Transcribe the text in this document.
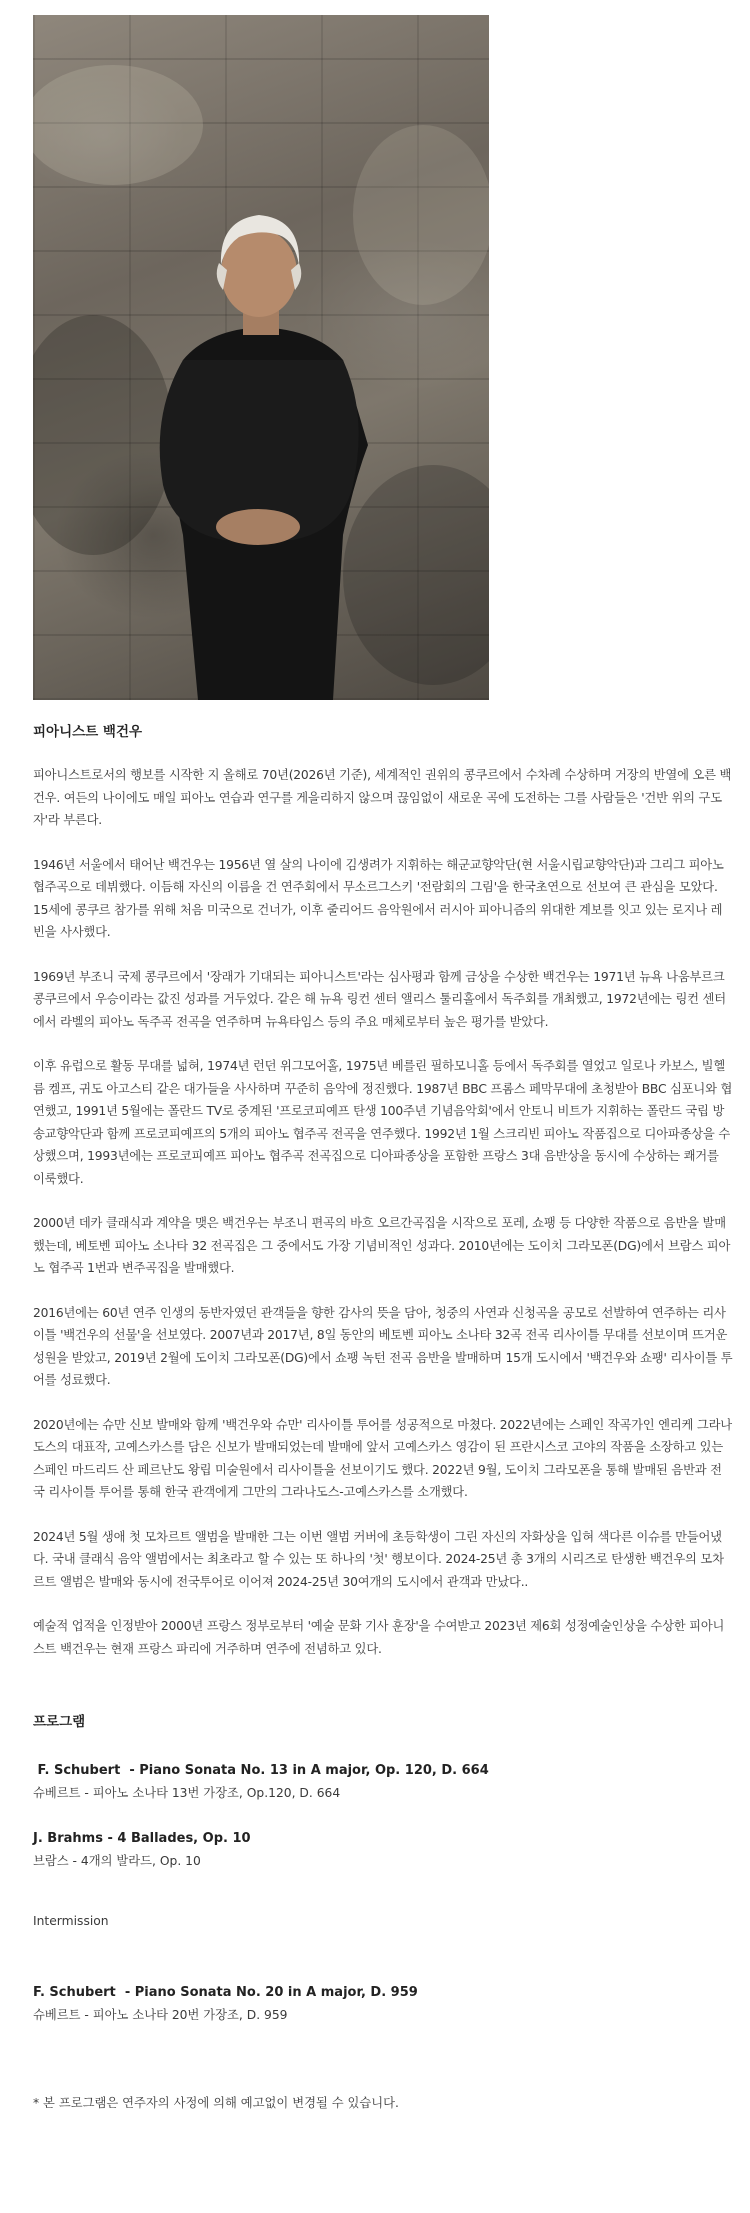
피아니스트 백건우

피아니스트로서의 행보를 시작한 지 올해로 70년(2026년 기준), 세계적인 권위의 콩쿠르에서 수차례 수상하며 거장의 반열에 오른 백건우. 여든의 나이에도 매일 피아노 연습과 연구를 게을리하지 않으며 끊임없이 새로운 곡에 도전하는 그를 사람들은 '건반 위의 구도자'라 부른다.

1946년 서울에서 태어난 백건우는 1956년 열 살의 나이에 김생려가 지휘하는 해군교향악단(현 서울시립교향악단)과 그리그 피아노 협주곡으로 데뷔했다. 이듬해 자신의 이름을 건 연주회에서 무소르그스키 '전람회의 그림'을 한국초연으로 선보여 큰 관심을 모았다. 15세에 콩쿠르 참가를 위해 처음 미국으로 건너가, 이후 줄리어드 음악원에서 러시아 피아니즘의 위대한 계보를 잇고 있는 로지나 레빈을 사사했다.

1969년 부조니 국제 콩쿠르에서 '장래가 기대되는 피아니스트'라는 심사평과 함께 금상을 수상한 백건우는 1971년 뉴욕 나움부르크 콩쿠르에서 우승이라는 값진 성과를 거두었다. 같은 해 뉴욕 링컨 센터 앨리스 툴리홀에서 독주회를 개최했고, 1972년에는 링컨 센터에서 라벨의 피아노 독주곡 전곡을 연주하며 뉴욕타임스 등의 주요 매체로부터 높은 평가를 받았다.

이후 유럽으로 활동 무대를 넓혀, 1974년 런던 위그모어홀, 1975년 베를린 필하모니홀 등에서 독주회를 열었고 일로나 카보스, 빌헬름 켐프, 귀도 아고스티 같은 대가들을 사사하며 꾸준히 음악에 정진했다. 1987년 BBC 프롬스 페막무대에 초청받아 BBC 심포니와 협연했고, 1991년 5월에는 폴란드 TV로 중계된 '프로코피예프 탄생 100주년 기념음악회'에서 안토니 비트가 지휘하는 폴란드 국립 방송교향악단과 함께 프로코피예프의 5개의 피아노 협주곡 전곡을 연주했다. 1992년 1월 스크리빈 피아노 작품집으로 디아파종상을 수상했으며, 1993년에는 프로코피예프 피아노 협주곡 전곡집으로 디아파종상을 포함한 프랑스 3대 음반상을 동시에 수상하는 쾌거를 이룩했다.

2000년 데카 클래식과 계약을 맺은 백건우는 부조니 편곡의 바흐 오르간곡집을 시작으로 포레, 쇼팽 등 다양한 작품으로 음반을 발매했는데, 베토벤 피아노 소나타 32 전곡집은 그 중에서도 가장 기념비적인 성과다. 2010년에는 도이치 그라모폰(DG)에서 브람스 피아노 협주곡 1번과 변주곡집을 발매했다.

2016년에는 60년 연주 인생의 동반자였던 관객들을 향한 감사의 뜻을 담아, 청중의 사연과 신청곡을 공모로 선발하여 연주하는 리사이틀 '백건우의 선물'을 선보였다. 2007년과 2017년, 8일 동안의 베토벤 피아노 소나타 32곡 전곡 리사이틀 무대를 선보이며 뜨거운 성원을 받았고, 2019년 2월에 도이치 그라모폰(DG)에서 쇼팽 녹턴 전곡 음반을 발매하며 15개 도시에서 '백건우와 쇼팽' 리사이틀 투어를 성료했다.

2020년에는 슈만 신보 발매와 함께 '백건우와 슈만' 리사이틀 투어를 성공적으로 마쳤다. 2022년에는 스페인 작곡가인 엔리케 그라나도스의 대표작, 고예스카스를 담은 신보가 발매되었는데 발매에 앞서 고예스카스 영감이 된 프란시스코 고야의 작품을 소장하고 있는 스페인 마드리드 산 페르난도 왕립 미술원에서 리사이틀을 선보이기도 했다. 2022년 9월, 도이치 그라모폰을 통해 발매된 음반과 전국 리사이틀 투어를 통해 한국 관객에게 그만의 그라나도스-고예스카스를 소개했다.

2024년 5월 생애 첫 모차르트 앨범을 발매한 그는 이번 앨범 커버에 초등학생이 그린 자신의 자화상을 입혀 색다른 이슈를 만들어냈다. 국내 클래식 음악 앨범에서는 최초라고 할 수 있는 또 하나의 '첫' 행보이다. 2024-25년 총 3개의 시리즈로 탄생한 백건우의 모차르트 앨범은 발매와 동시에 전국투어로 이어져 2024-25년 30여개의 도시에서 관객과 만났다..

예술적 업적을 인정받아 2000년 프랑스 정부로부터 '예술 문화 기사 훈장'을 수여받고 2023년 제6회 성정예술인상을 수상한 피아니스트 백건우는 현재 프랑스 파리에 거주하며 연주에 전념하고 있다.

프로그램
F. Schubert  - Piano Sonata No. 13 in A major, Op. 120, D. 664
슈베르트 - 피아노 소나타 13번 가장조, Op.120, D. 664
J. Brahms - 4 Ballades, Op. 10
브람스 - 4개의 발라드, Op. 10
Intermission
F. Schubert  - Piano Sonata No. 20 in A major, D. 959
슈베르트 - 피아노 소나타 20번 가장조, D. 959
* 본 프로그램은 연주자의 사정에 의해 예고없이 변경될 수 있습니다.
